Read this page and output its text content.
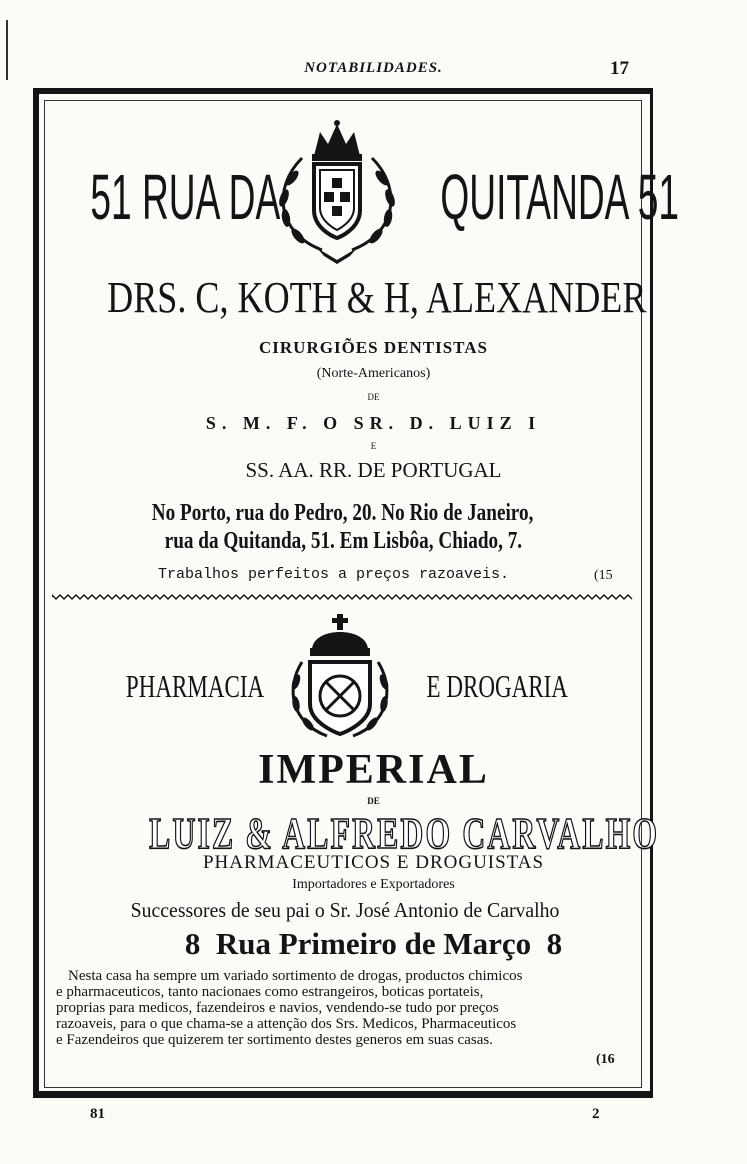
NOTABILIDADES.	17
51 RUA DA	QUITANDA 51
DRS. C, KOTH & H, ALEXANDER
CIRURGIÕES DENTISTAS
(Norte-Americanos)
DE
S. M. F. O SR. D. LUIZ I
E
SS. AA. RR. DE PORTUGAL
No Porto, rua do Pedro, 20. No Rio de Janeiro,
rua da Quitanda, 51. Em Lisbôa, Chiado, 7.
Trabalhos perfeitos a preços razoaveis.	(15
PHARMACIA	E DROGARIA
IMPERIAL
DE
LUIZ & ALFREDO CARVALHO
PHARMACEUTICOS E DROGUISTAS
Importadores e Exportadores
Successores de seu pai o Sr. José Antonio de Carvalho
8  Rua Primeiro de Março  8
Nesta casa ha sempre um variado sortimento de drogas, productos chimicos
e pharmaceuticos, tanto nacionaes como estrangeiros, boticas portateis,
proprias para medicos, fazendeiros e navios, vendendo-se tudo por preços
razoaveis, para o que chama-se a attenção dos Srs. Medicos, Pharmaceuticos
e Fazendeiros que quizerem ter sortimento destes generos em suas casas.
(16
81	2
